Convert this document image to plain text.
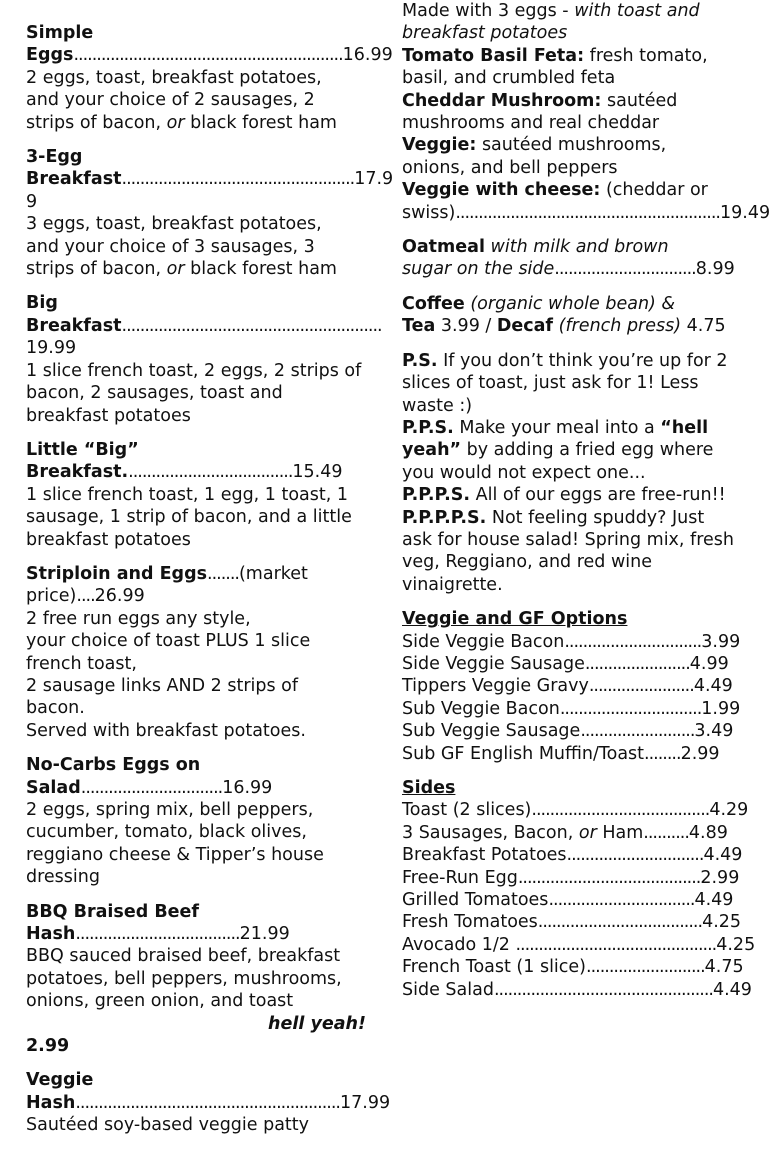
Simple
Eggs...........................................................16.99
2 eggs, toast, breakfast potatoes,
and your choice of 2 sausages, 2
strips of bacon, or black forest ham
3-Egg
Breakfast...................................................17.9
9
3 eggs, toast, breakfast potatoes,
and your choice of 3 sausages, 3
strips of bacon, or black forest ham
Big
Breakfast.........................................................
19.99
1 slice french toast, 2 eggs, 2 strips of
bacon, 2 sausages, toast and
breakfast potatoes
Little “Big”
Breakfast.....................................15.49
1 slice french toast, 1 egg, 1 toast, 1
sausage, 1 strip of bacon, and a little
breakfast potatoes
Striploin and Eggs.......(market
price)....26.99
2 free run eggs any style,
your choice of toast PLUS 1 slice
french toast,
2 sausage links AND 2 strips of
bacon.
Served with breakfast potatoes.
No-Carbs Eggs on
Salad...............................16.99
2 eggs, spring mix, bell peppers,
cucumber, tomato, black olives,
reggiano cheese & Tipper’s house
dressing
BBQ Braised Beef
Hash....................................21.99
BBQ sauced braised beef, breakfast
potatoes, bell peppers, mushrooms,
onions, green onion, and toast
hell yeah!
2.99
Veggie
Hash..........................................................17.99
Sautéed soy-based veggie patty
Made with 3 eggs - with toast and
breakfast potatoes
Tomato Basil Feta: fresh tomato,
basil, and crumbled feta
Cheddar Mushroom: sautéed
mushrooms and real cheddar
Veggie: sautéed mushrooms,
onions, and bell peppers
Veggie with cheese: (cheddar or
swiss)..........................................................19.49
Oatmeal with milk and brown
sugar on the side...............................8.99
Coffee (organic whole bean) &
Tea 3.99 / Decaf (french press) 4.75
P.S. If you don’t think you’re up for 2
slices of toast, just ask for 1! Less
waste :)
P.P.S. Make your meal into a “hell
yeah” by adding a fried egg where
you would not expect one...
P.P.P.S. All of our eggs are free-run!!
P.P.P.P.S. Not feeling spuddy? Just
ask for house salad! Spring mix, fresh
veg, Reggiano, and red wine
vinaigrette.
Veggie and GF Options
Side Veggie Bacon..............................3.99
Side Veggie Sausage.......................4.99
Tippers Veggie Gravy.......................4.49
Sub Veggie Bacon...............................1.99
Sub Veggie Sausage.........................3.49
Sub GF English Muffin/Toast........2.99
Sides
Toast (2 slices).......................................4.29
3 Sausages, Bacon, or Ham..........4.89
Breakfast Potatoes..............................4.49
Free-Run Egg........................................2.99
Grilled Tomatoes................................4.49
Fresh Tomatoes....................................4.25
Avocado 1/2 ............................................4.25
French Toast (1 slice)..........................4.75
Side Salad................................................4.49
